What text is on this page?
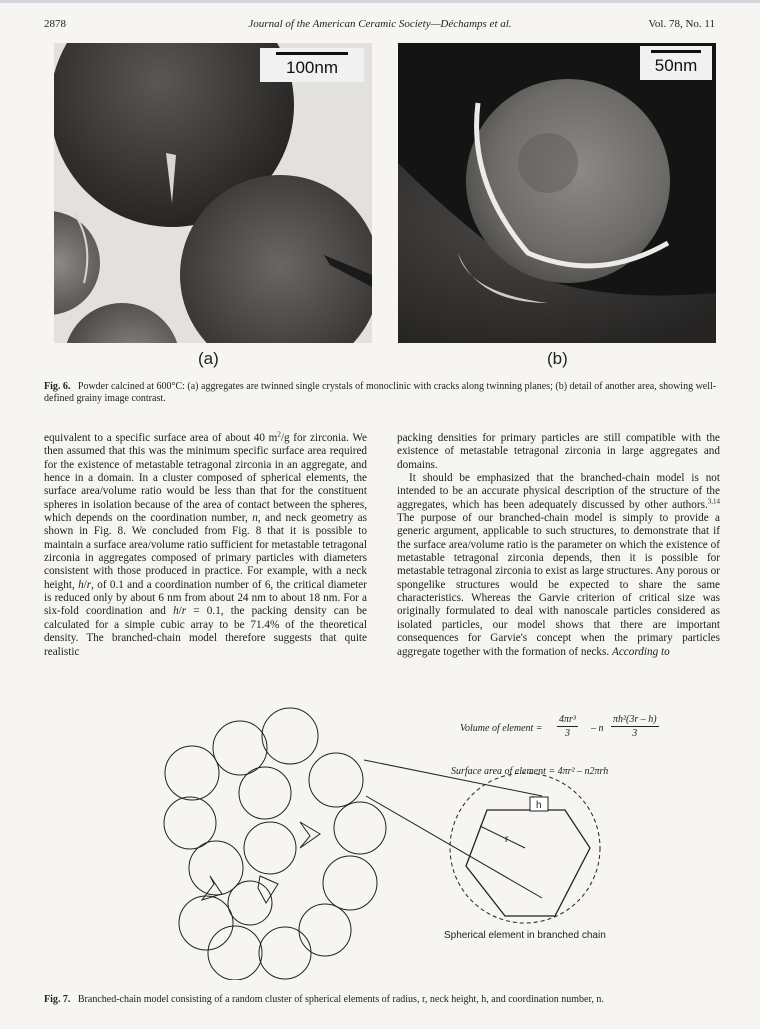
2878	Journal of the American Ceramic Society—Déchamps et al.	Vol. 78, No. 11
100nm	50nm
(a)	(b)
Fig. 6. Powder calcined at 600°C: (a) aggregates are twinned single crystals of monoclinic with cracks along twinning planes; (b) detail of another area, showing well-defined grainy image contrast.

equivalent to a specific surface area of about 40 $m^2/g$ for zirconia. We then assumed that this was the minimum specific surface area required for the existence of metastable tetragonal zirconia in an aggregate, and hence in a domain. In a cluster composed of spherical elements, the surface area/volume ratio would be less than that for the constituent spheres in isolation because of the area of contact between the spheres, which depends on the coordination number, n, and neck geometry as shown in Fig. 8. We concluded from Fig. 8 that it is possible to maintain a surface area/volume ratio sufficient for metastable tetragonal zirconia in aggregates composed of primary particles with diameters consistent with those produced in practice. For example, with a neck height, h/r, of 0.1 and a coordination number of 6, the critical diameter is reduced only by about 6 nm from about 24 nm to about 18 nm. For a six-fold coordination and h/r = 0.1, the packing density can be calculated for a simple cubic array to be 71.4% of the theoretical density. The branched-chain model therefore suggests that quite realistic

packing densities for primary particles are still compatible with the existence of metastable tetragonal zirconia in large aggregates and domains.

It should be emphasized that the branched-chain model is not intended to be an accurate physical description of the structure of the aggregates, which has been adequately discussed by other authors.$^{3,14}$ The purpose of our branched-chain model is simply to provide a generic argument, applicable to such structures, to demonstrate that if the surface area/volume ratio is the parameter on which the existence of metastable tetragonal zirconia depends, then it is possible for metastable tetragonal zirconia to exist as large structures. Any porous or spongelike structures would be expected to share the same characteristics. Whereas the Garvie criterion of critical size was originally formulated to deal with nanoscale particles considered as isolated particles, our model shows that there are important consequences for Garvie's concept when the primary particles aggregate together with the formation of necks. According to

h
r
Volume of element = $\frac{\text{4πr³}}{3}$ – n $\frac{\text{πh²(3r – h)}}{3}$
Surface area of element = 4πr² – n2πrh
Spherical element in branched chain
Fig. 7. Branched-chain model consisting of a random cluster of spherical elements of radius, r, neck height, h, and coordination number, n.
